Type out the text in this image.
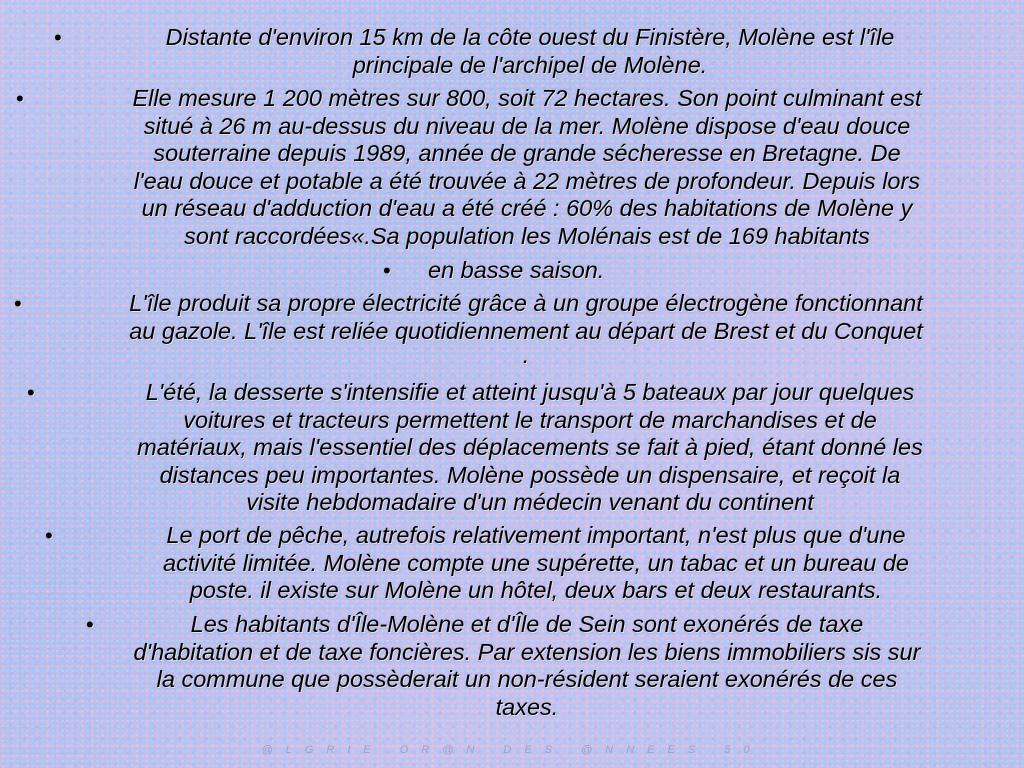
•	Distante d'environ 15 km de la côte ouest du Finistère, Molène est l'île
principale de l'archipel de Molène.
•	Elle mesure 1 200 mètres sur 800, soit 72 hectares. Son point culminant est
situé à 26 m au-dessus du niveau de la mer. Molène dispose d'eau douce
souterraine depuis 1989, année de grande sécheresse en Bretagne. De
l'eau douce et potable a été trouvée à 22 mètres de profondeur. Depuis lors
un réseau d'adduction d'eau a été créé : 60% des habitations de Molène y
sont raccordées«.Sa population les Molénais est de 169 habitants
• en basse saison.
•	L'île produit sa propre électricité grâce à un groupe électrogène fonctionnant
au gazole. L'île est reliée quotidiennement au départ de Brest et du Conquet
.
•	L'été, la desserte s'intensifie et atteint jusqu'à 5 bateaux par jour quelques
voitures et tracteurs permettent le transport de marchandises et de
matériaux, mais l'essentiel des déplacements se fait à pied, étant donné les
distances peu importantes. Molène possède un dispensaire, et reçoit la
visite hebdomadaire d'un médecin venant du continent
•	Le port de pêche, autrefois relativement important, n'est plus que d'une
activité limitée. Molène compte une supérette, un tabac et un bureau de
poste. il existe sur Molène un hôtel, deux bars et deux restaurants.
•	Les habitants d'Île-Molène et d'Île de Sein sont exonérés de taxe
d'habitation et de taxe foncières. Par extension les biens immobiliers sis sur
la commune que possèderait un non-résident seraient exonérés de ces
taxes.
@LGRIE OR@N DES @NNEES 50
